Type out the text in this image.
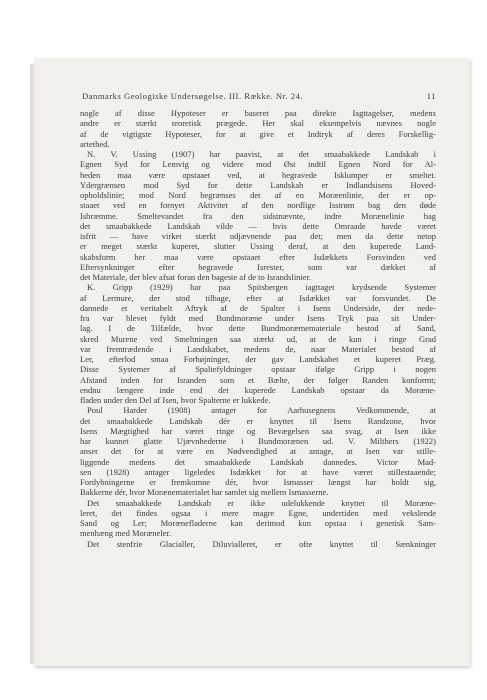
Danmarks Geologiske Undersøgelse. III. Række. Nr. 24.	11
nogle af disse Hypoteser er baseret paa direkte Iagttagelser, medens
andre er stærkt teoretisk prægede. Her skal eksempelvis nævnes nogle
af de vigtigste Hypoteser, for at give et Indtryk af deres Forskellig-
artethed.
N. V. Ussing (1907) har paavist, at det smaabakkede Landskab i
Egnen Syd for Lemvig og videre mod Øst indtil Egnen Nord for Al-
heden maa være opstaaet ved, at begravede Isklumper er smeltet.
Ydergrænsen mod Syd for dette Landskab er Indlandsisens Hoved-
opholdslinie; mod Nord begrænses det af en Moræenlinie, der er op-
staaet ved en fornyet Aktivitet af den nordlige Isstrøm bag den døde
Isbræmme. Smeltevandet fra den sidstnævnte, indre Morænelinie bag
det smaabakkede Landskab vilde — hvis dette Omraade havde været
isfrit — have virket stærkt udjævnende paa det; men da dette netop
er meget stærkt kuperet, slutter Ussing deraf, at den kuperede Land-
skabsform her maa være opstaaet efter Isdækkets Forsvinden ved
Eftersynkninger efter begravede Isrester, som var dækket af
det Materiale, der blev afsat foran den bageste af de to Israndslinier.
K. Gripp (1929) har paa Spitsbergen iagttaget krydsende Systemer
af Lermure, der stod tilbage, efter at Isdækket var forsvundet. De
dannede et veritabelt Aftryk af de Spalter i Isens Underside, der nede-
fra var blevet fyldt med Bundmoræne under Isens Tryk paa sit Under-
lag. I de Tilfælde, hvor dette Bundmoræmemateriale bestod af Sand,
skred Murene ved Smeltningen saa stærkt ud, at de kun i ringe Grad
var fremtrædende i Landskabet, medens de, naar Materialet bestod af
Ler, efterlod smaa Forhøjninger, der gav Landskabet et kuperet Præg.
Disse Systemer af Spaltefyldninger opstaar ifølge Gripp i nogen
Afstand inden for Isranden som et Bælte, der følger Randen konformt;
endnu længere inde end det kuperede Landskab opstaar da Moræne-
fladen under den Del af Isen, hvor Spalterne er lukkede.
Poul Harder (1908) antager for Aarhusegnens Vedkommende, at
det smaabakkede Landskab dér er knyttet til Isens Randzone, hvor
Isens Mægtighed har været ringe og Bevægelsen saa svag, at Isen ikke
har kunnet glatte Ujævnhederne i Bundmorænen ud. V. Milthers (1922)
anser det for at være en Nødvendighed at antage, at Isen var stille-
liggende medens det smaabakkede Landskab dannedes. Victor Mad-
sen (1928) antager ligeledes Isdækket for at have været stillestaaende;
Fordybningerne er fremkomne dér, hvor Ismasser længst har holdt sig,
Bakkerne dér, hvor Morænematerialet har samlet sig mellem Ismasserne.
Det smaabakkede Landskab er ikke udelukkende knyttet til Moræne-
leret, det findes ogsaa i mere magre Egne, undertiden med vekslende
Sand og Ler; Morænefladerne kan derimod kun opstaa i genetisk Sam-
menhæng med Moræneler.
Det stenfrie Glacialler, Diluvialleret, er ofte knyttet til Sænkninger
